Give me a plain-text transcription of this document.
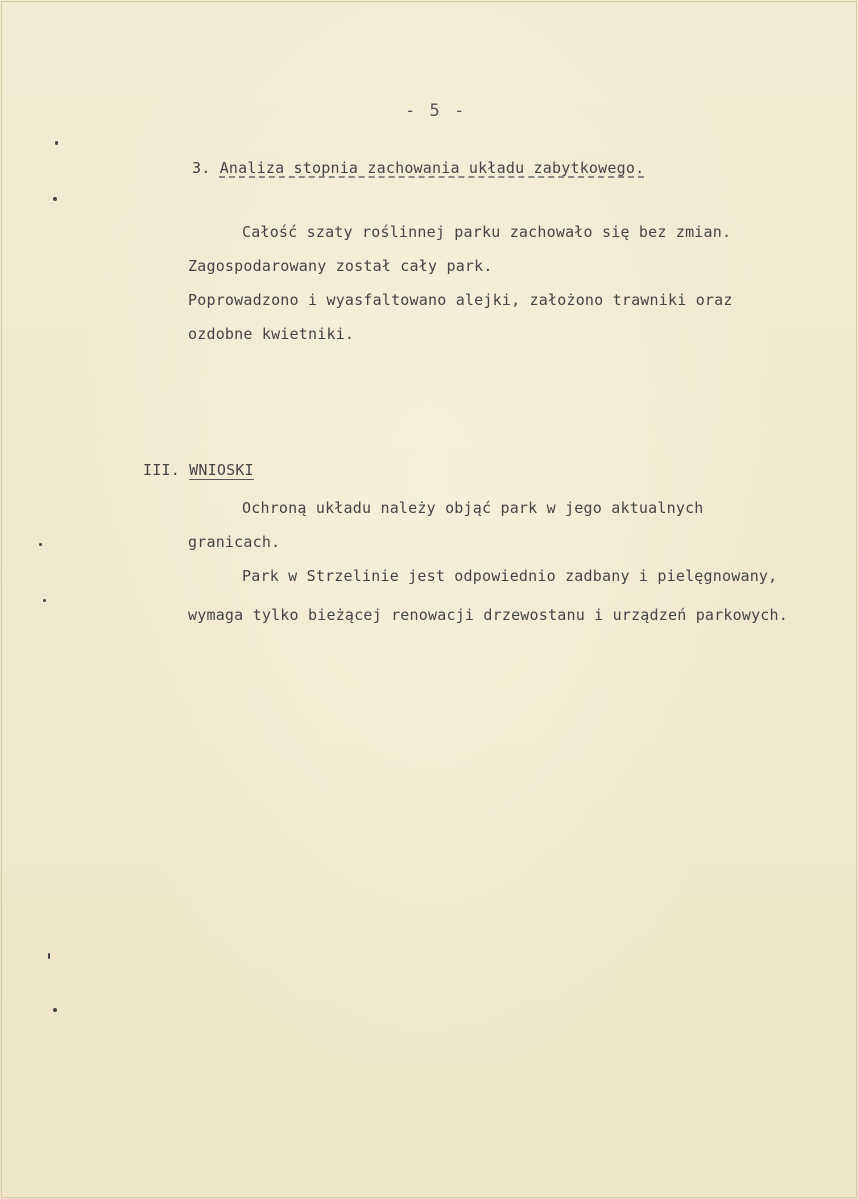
- 5 -
3. Analiza stopnia zachowania układu zabytkowego.
Całość szaty roślinnej parku zachowało się bez zmian.
Zagospodarowany został cały park.
Poprowadzono i wyasfaltowano alejki, założono trawniki oraz
ozdobne kwietniki.
III. WNIOSKI
Ochroną układu należy objąć park w jego aktualnych
granicach.
Park w Strzelinie jest odpowiednio zadbany i pielęgnowany,
wymaga tylko bieżącej renowacji drzewostanu i urządzeń parkowych.
